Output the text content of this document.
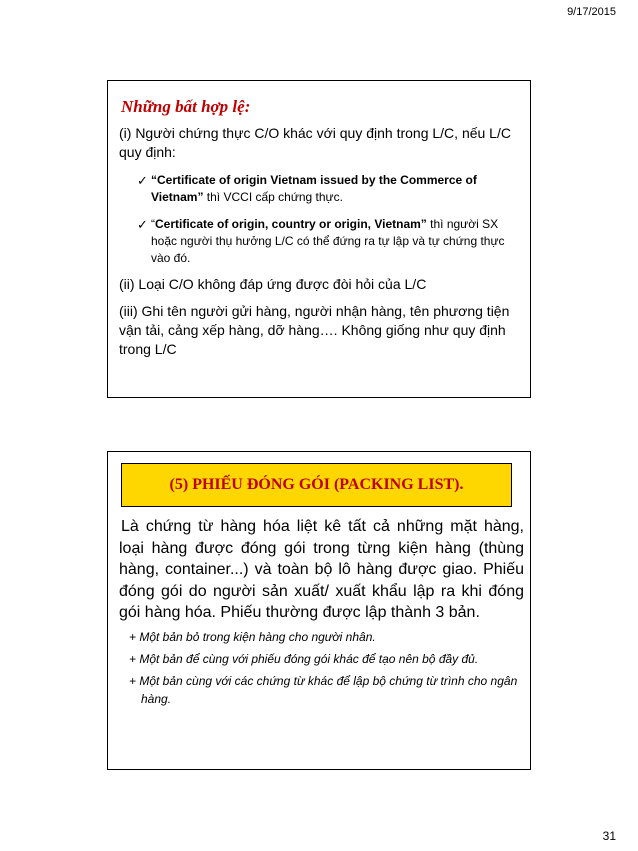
9/17/2015
Những bất hợp lệ:

(i) Người chứng thực C/O khác với quy định trong L/C, nếu L/C quy định:

✓ “Certificate of origin Vietnam issued by the Commerce of Vietnam” thì VCCI cấp chứng thực.
✓ “Certificate of origin, country or origin, Vietnam” thì người SX hoặc người thụ hưởng L/C có thể đứng ra tự lập và tự chứng thực vào đó.

(ii) Loại C/O không đáp ứng được đòi hỏi của L/C

(iii) Ghi tên người gửi hàng, người nhận hàng, tên phương tiện vận tải, cảng xếp hàng, dỡ hàng…. Không giống như quy định trong L/C

(5) PHIẾU ĐÓNG GÓI (PACKING LIST).

Là chứng từ hàng hóa liệt kê tất cả những mặt hàng, loại hàng được đóng gói trong từng kiện hàng (thùng hàng, container...) và toàn bộ lô hàng được giao. Phiếu đóng gói do người sản xuất/ xuất khẩu lập ra khi đóng gói hàng hóa. Phiếu thường được lập thành 3 bản.

+ Một bản bỏ trong kiện hàng cho người nhân.
+ Một bản để cùng với phiếu đóng gói khác để tạo nên bộ đầy đủ.
+ Một bản cùng với các chứng từ khác để lập bộ chứng từ trình cho ngân hàng.
31
